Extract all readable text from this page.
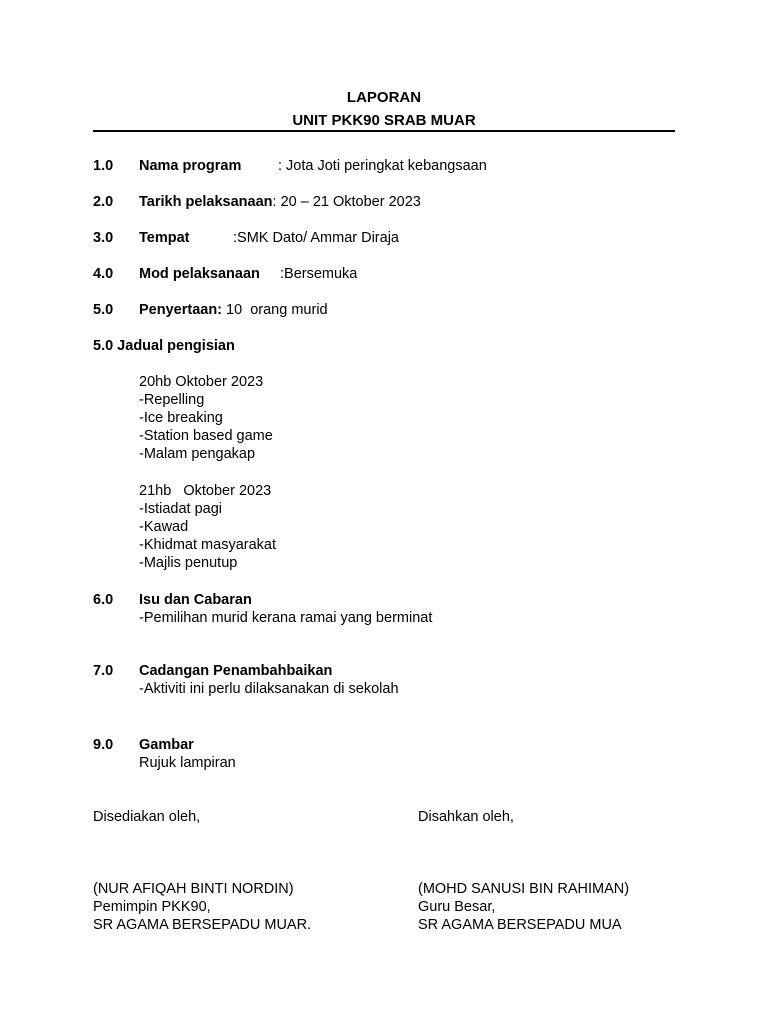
LAPORAN
UNIT PKK90 SRAB MUAR
1.0 Nama program	: Jota Joti peringkat kebangsaan
2.0 Tarikh pelaksanaan: 20 – 21 Oktober 2023
3.0 Tempat	:SMK Dato/ Ammar Diraja
4.0 Mod pelaksanaan :Bersemuka
5.0 Penyertaan: 10  orang murid
5.0 Jadual pengisian
20hb Oktober 2023
-Repelling
-Ice breaking
-Station based game
-Malam pengakap
21hb   Oktober 2023
-Istiadat pagi
-Kawad
-Khidmat masyarakat
-Majlis penutup
6.0 Isu dan Cabaran
-Pemilihan murid kerana ramai yang berminat
7.0 Cadangan Penambahbaikan
-Aktiviti ini perlu dilaksanakan di sekolah
9.0 Gambar
Rujuk lampiran
Disediakan oleh,
(NUR AFIQAH BINTI NORDIN)
Pemimpin PKK90,
SR AGAMA BERSEPADU MUAR.
Disahkan oleh,
(MOHD SANUSI BIN RAHIMAN)
Guru Besar,
SR AGAMA BERSEPADU MUA
